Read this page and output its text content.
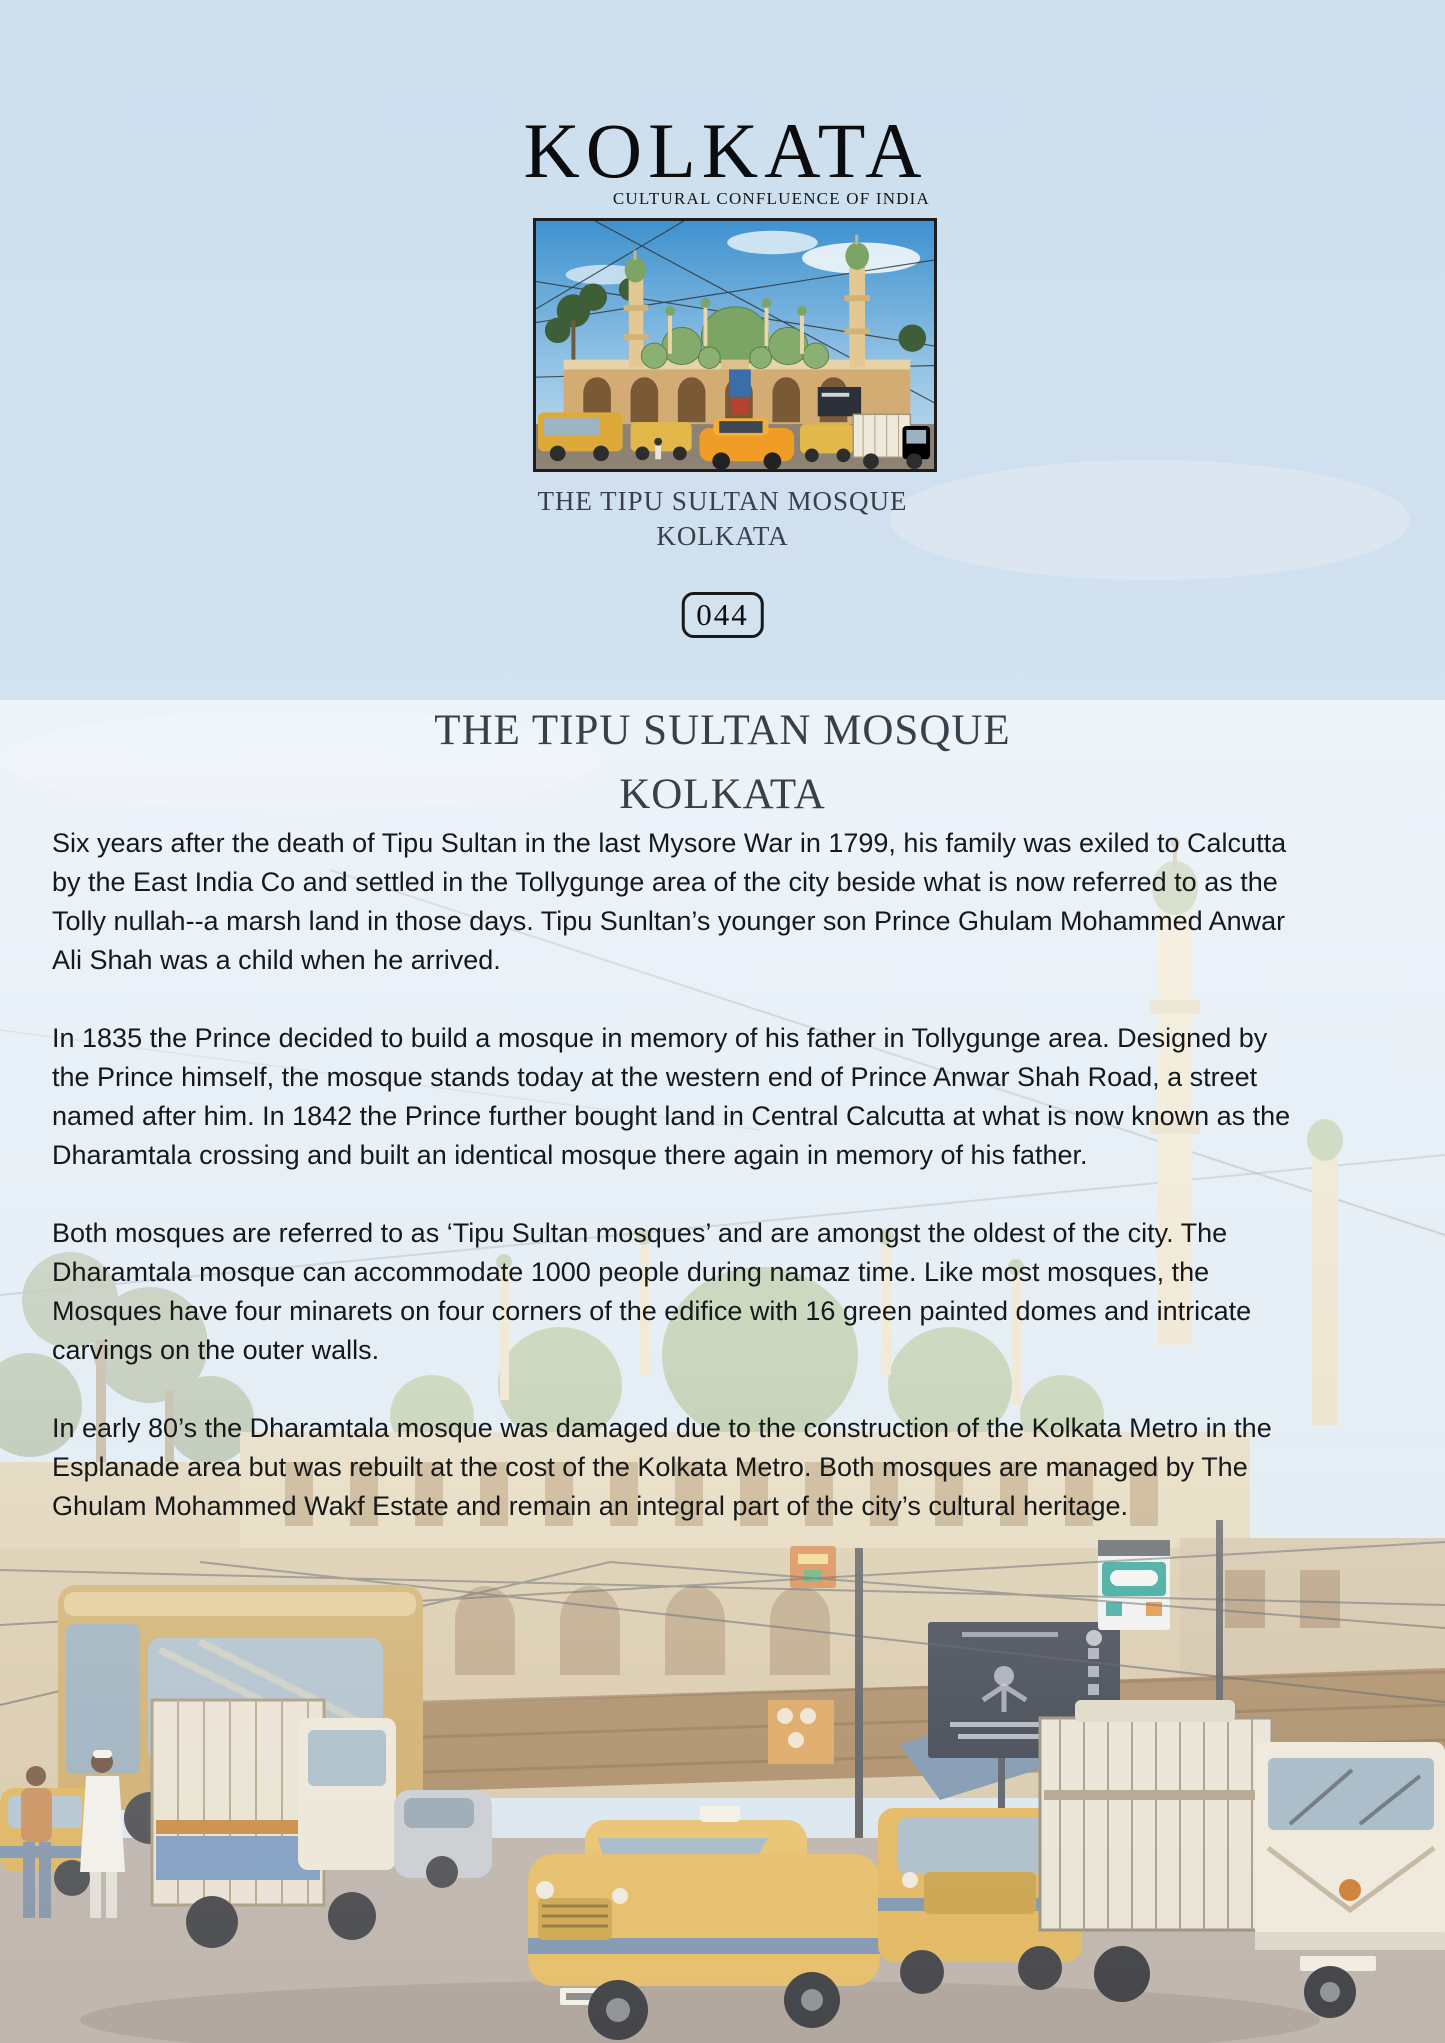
KOLKATA
CULTURAL CONFLUENCE OF INDIA
THE TIPU SULTAN MOSQUE
KOLKATA
044
THE TIPU SULTAN MOSQUE
KOLKATA
Six years after the death of Tipu Sultan in the last Mysore War in 1799, his family was exiled to Calcutta
by the East India Co and settled in the Tollygunge area of the city beside what is now referred to as the
Tolly nullah--a marsh land in those days. Tipu Sunltan’s younger son Prince Ghulam Mohammed Anwar
Ali Shah was a child when he arrived.
In 1835 the Prince decided to build a mosque in memory of his father in Tollygunge area. Designed by
the Prince himself, the mosque stands today at the western end of Prince Anwar Shah Road, a street
named after him. In 1842 the Prince further bought land in Central Calcutta at what is now known as the
Dharamtala crossing and built an identical mosque there again in memory of his father.
Both mosques are referred to as ‘Tipu Sultan mosques’ and are amongst the oldest of the city. The
Dharamtala mosque can accommodate 1000 people during namaz time. Like most mosques, the
Mosques have four minarets on four corners of the edifice with 16 green painted domes and intricate
carvings on the outer walls.
In early 80’s the Dharamtala mosque was damaged due to the construction of the Kolkata Metro in the
Esplanade area but was rebuilt at the cost of the Kolkata Metro. Both mosques are managed by The
Ghulam Mohammed Wakf Estate and remain an integral part of the city’s cultural heritage.
